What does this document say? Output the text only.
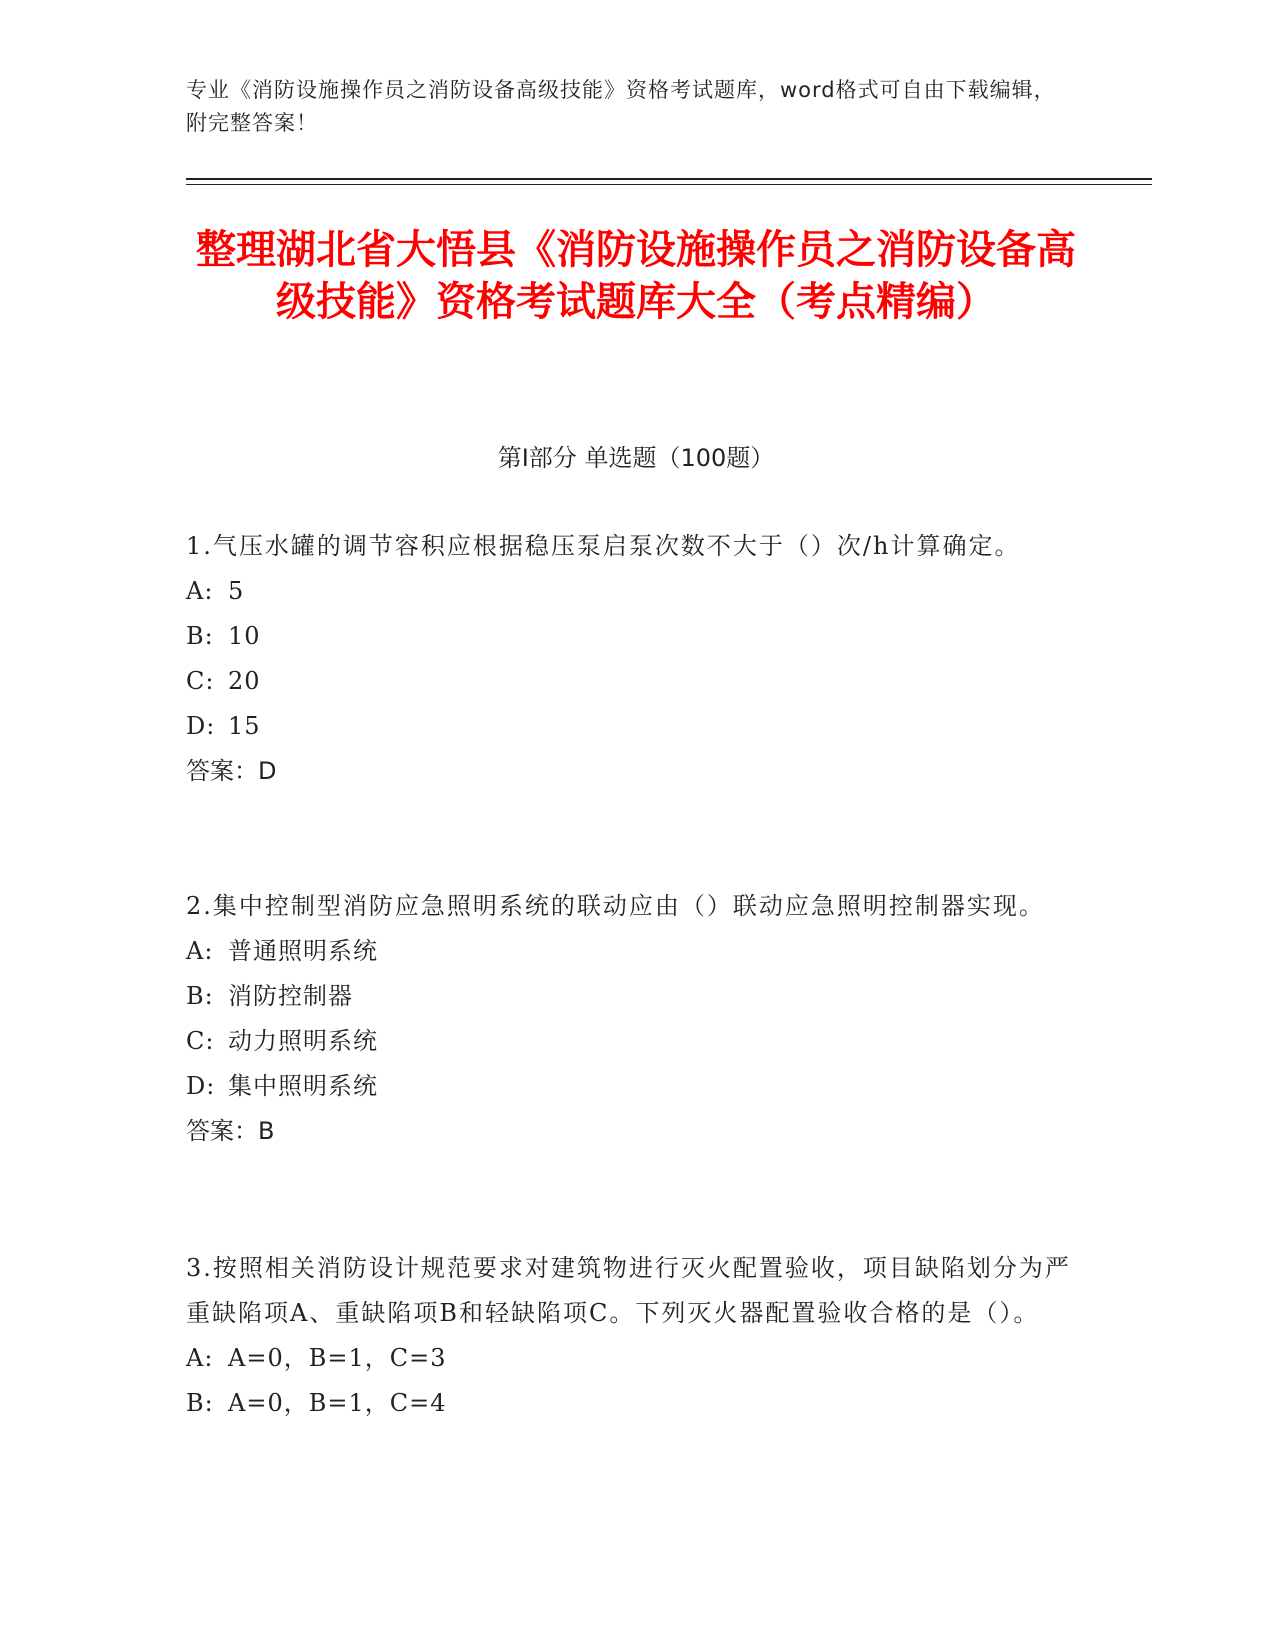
专业《消防设施操作员之消防设备高级技能》资格考试题库，word格式可自由下载编辑，附完整答案！
整理湖北省大悟县《消防设施操作员之消防设备高级技能》资格考试题库大全（考点精编）
第I部分 单选题（100题）
1.气压水罐的调节容积应根据稳压泵启泵次数不大于（）次/h计算确定。
A: 5
B: 10
C: 20
D: 15
答案：D
2.集中控制型消防应急照明系统的联动应由（）联动应急照明控制器实现。
A: 普通照明系统
B: 消防控制器
C: 动力照明系统
D: 集中照明系统
答案：B
3.按照相关消防设计规范要求对建筑物进行灭火配置验收，项目缺陷划分为严重缺陷项A、重缺陷项B和轻缺陷项C。下列灭火器配置验收合格的是（）。
A: A=0，B=1，C=3
B: A=0，B=1，C=4
